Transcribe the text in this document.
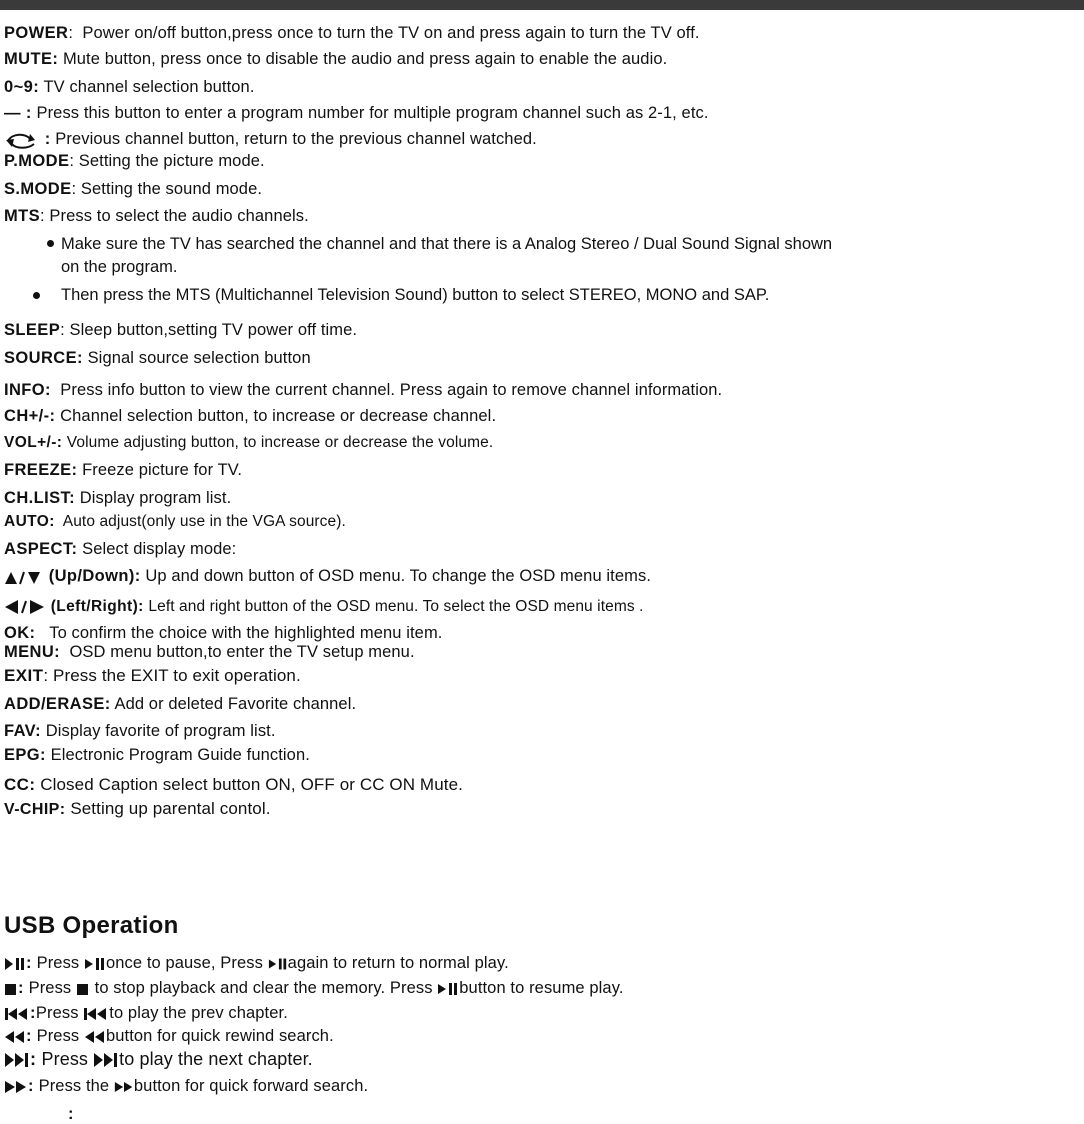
POWER: Power on/off button,press once to turn the TV on and press again to turn the TV off.
MUTE: Mute button, press once to disable the audio and press again to enable the audio.
0~9: TV channel selection button.
— : Press this button to enter a program number for multiple program channel such as 2-1, etc.
: Previous channel button, return to the previous channel watched.
P.MODE: Setting the picture mode.
S.MODE: Setting the sound mode.
MTS: Press to select the audio channels.
Make sure the TV has searched the channel and that there is a Analog Stereo / Dual Sound Signal shown
on the program.
Then press the MTS (Multichannel Television Sound) button to select STEREO, MONO and SAP.
SLEEP: Sleep button,setting TV power off time.
SOURCE: Signal source selection button
INFO: Press info button to view the current channel. Press again to remove channel information.
CH+/-: Channel selection button, to increase or decrease channel.
VOL+/-: Volume adjusting button, to increase or decrease the volume.
FREEZE: Freeze picture for TV.
CH.LIST: Display program list.
AUTO: Auto adjust(only use in the VGA source).
ASPECT: Select display mode:
(Up/Down): Up and down button of OSD menu. To change the OSD menu items.
(Left/Right): Left and right button of the OSD menu. To select the OSD menu items .
OK: To confirm the choice with the highlighted menu item.
MENU: OSD menu button,to enter the TV setup menu.
EXIT: Press the EXIT to exit operation.
ADD/ERASE: Add or deleted Favorite channel.
FAV: Display favorite of program list.
EPG: Electronic Program Guide function.
CC: Closed Caption select button ON, OFF or CC ON Mute.
V-CHIP: Setting up parental contol.
USB Operation
: Press once to pause, Press again to return to normal play.
: Press to stop playback and clear the memory. Press button to resume play.
:Press to play the prev chapter.
: Press button for quick rewind search.
: Press to play the next chapter.
: Press the button for quick forward search.
:
